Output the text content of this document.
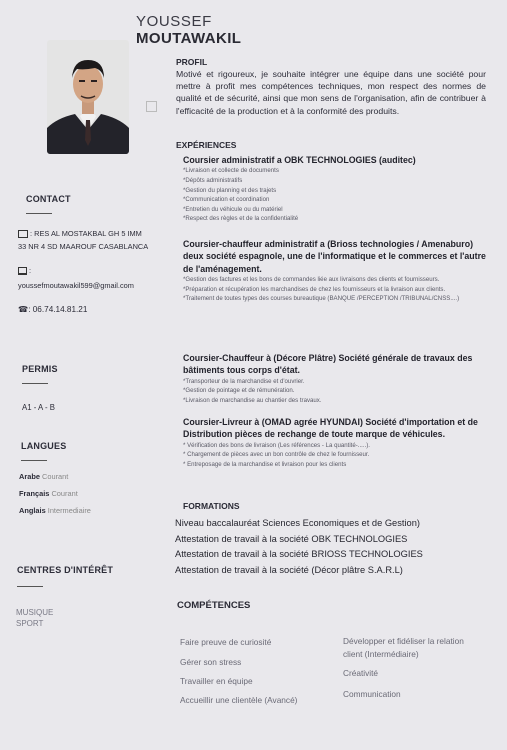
CONTACT
: RES AL MOSTAKBAL GH 5 IMM
33 NR 4 SD MAAROUF CASABLANCA
:
youssefmoutawakil599@gmail.com
☎: 06.74.14.81.21
PERMIS
A1 - A - B
LANGUES
Arabe Courant
Français Courant
Anglais Intermediaire
CENTRES D'INTÉRÊT
MUSIQUE
SPORT
YOUSSEF
MOUTAWAKIL
PROFIL
Motivé et rigoureux, je souhaite intégrer une équipe dans une société pour mettre à profit mes compétences techniques, mon respect des normes de qualité et de sécurité, ainsi que mon sens de l'organisation, afin de contribuer à l'efficacité de la production et à la conformité des produits.
EXPÉRIENCES
Coursier administratif a OBK TECHNOLOGIES (auditec)
*Livraison et collecte de documents
*Dépôts administratifs
*Gestion du planning et des trajets
*Communication et coordination
*Entretien du véhicule ou du matériel
*Respect des règles et de la confidentialité
Coursier-chauffeur administratif a (Brioss technologies / Amenaburo) deux société espagnole, une de l'informatique et le commerces et l'autre de l'aménagement.
*Gestion des factures et les bons de commandes liée aux livraisons des clients et fournisseurs.
*Préparation et récupération les marchandises de chez les fournisseurs et la livraison aux clients.
*Traitement de toutes types des courses bureautique (BANQUE /PERCEPTION /TRIBUNAL/CNSS....)
Coursier-Chauffeur à (Décore Plâtre) Société générale de travaux des bâtiments tous corps d'état.
*Transporteur de la marchandise et d'ouvrier.
*Gestion de pointage et de rémunération.
*Livraison de marchandise au chantier des travaux.
Coursier-Livreur à (OMAD agrée HYUNDAI) Société d'importation et de Distribution pièces de rechange de toute marque de véhicules.
* Vérification des bons de livraison (Les références - La quantité-.....).
* Chargement de pièces avec un bon contrôle de chez le fournisseur.
* Entreposage de la marchandise et livraison pour les clients
FORMATIONS
Niveau baccalauréat Sciences Economiques et de Gestion)
Attestation de travail à la société OBK TECHNOLOGIES
Attestation de travail à la société BRIOSS TECHNOLOGIES
Attestation de travail à la société (Décor plâtre S.A.R.L)
COMPÉTENCES
Faire preuve de curiosité
Gérer son stress
Travailler en équipe
Accueillir une clientèle (Avancé)
Développer et fidéliser la relation
client (Intermédiaire)
Créativité
Communication
